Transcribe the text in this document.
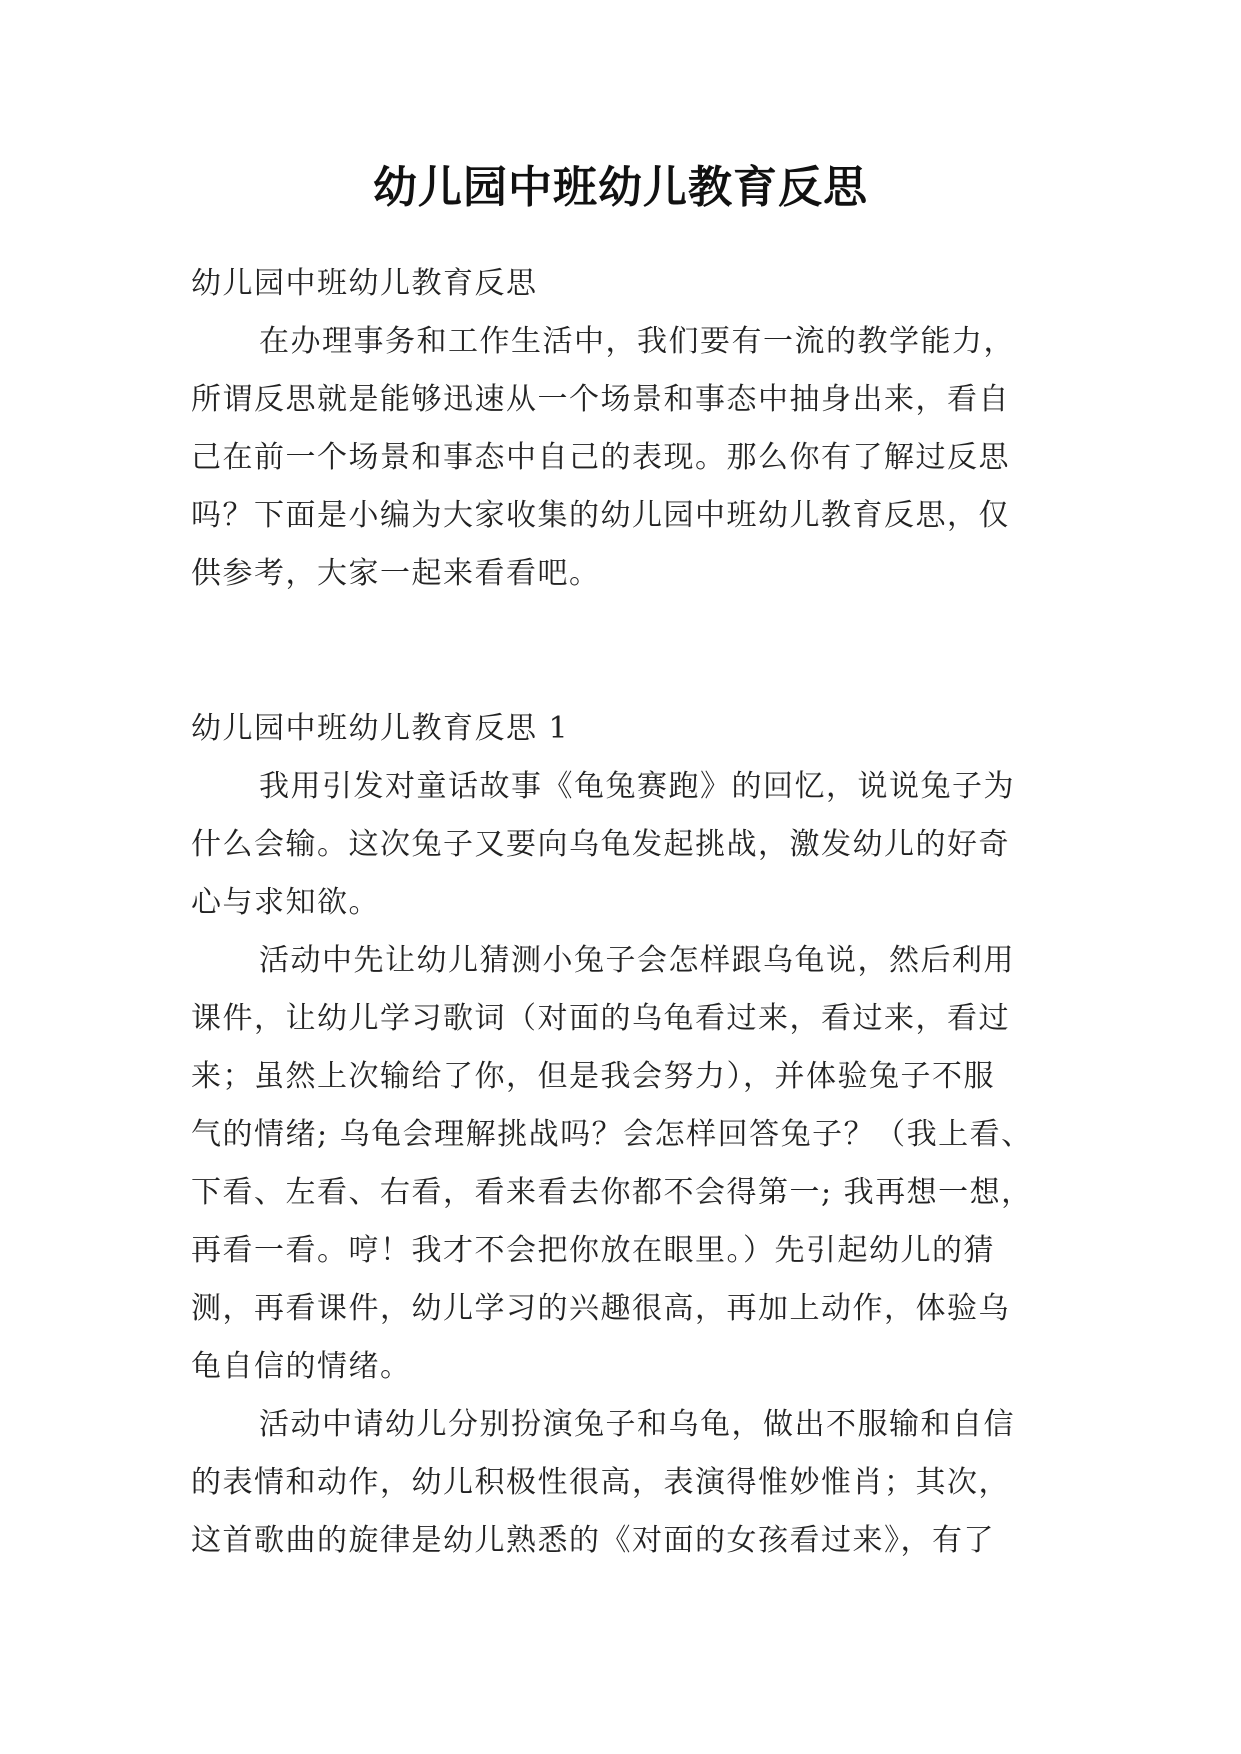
幼儿园中班幼儿教育反思
幼儿园中班幼儿教育反思
在办理事务和工作生活中，我们要有一流的教学能力，
所谓反思就是能够迅速从一个场景和事态中抽身出来，看自
己在前一个场景和事态中自己的表现。那么你有了解过反思
吗？下面是小编为大家收集的幼儿园中班幼儿教育反思，仅
供参考，大家一起来看看吧。
幼儿园中班幼儿教育反思 1
我用引发对童话故事《龟兔赛跑》的回忆，说说兔子为
什么会输。这次兔子又要向乌龟发起挑战，激发幼儿的好奇
心与求知欲。
活动中先让幼儿猜测小兔子会怎样跟乌龟说，然后利用
课件，让幼儿学习歌词（对面的乌龟看过来，看过来，看过
来；虽然上次输给了你，但是我会努力），并体验兔子不服
气的情绪; 乌龟会理解挑战吗？会怎样回答兔子？（我上看、
下看、左看、右看，看来看去你都不会得第一; 我再想一想，
再看一看。哼！我才不会把你放在眼里。）先引起幼儿的猜
测，再看课件，幼儿学习的兴趣很高，再加上动作，体验乌
龟自信的情绪。
活动中请幼儿分别扮演兔子和乌龟，做出不服输和自信
的表情和动作，幼儿积极性很高，表演得惟妙惟肖；其次，
这首歌曲的旋律是幼儿熟悉的《对面的女孩看过来》，有了
